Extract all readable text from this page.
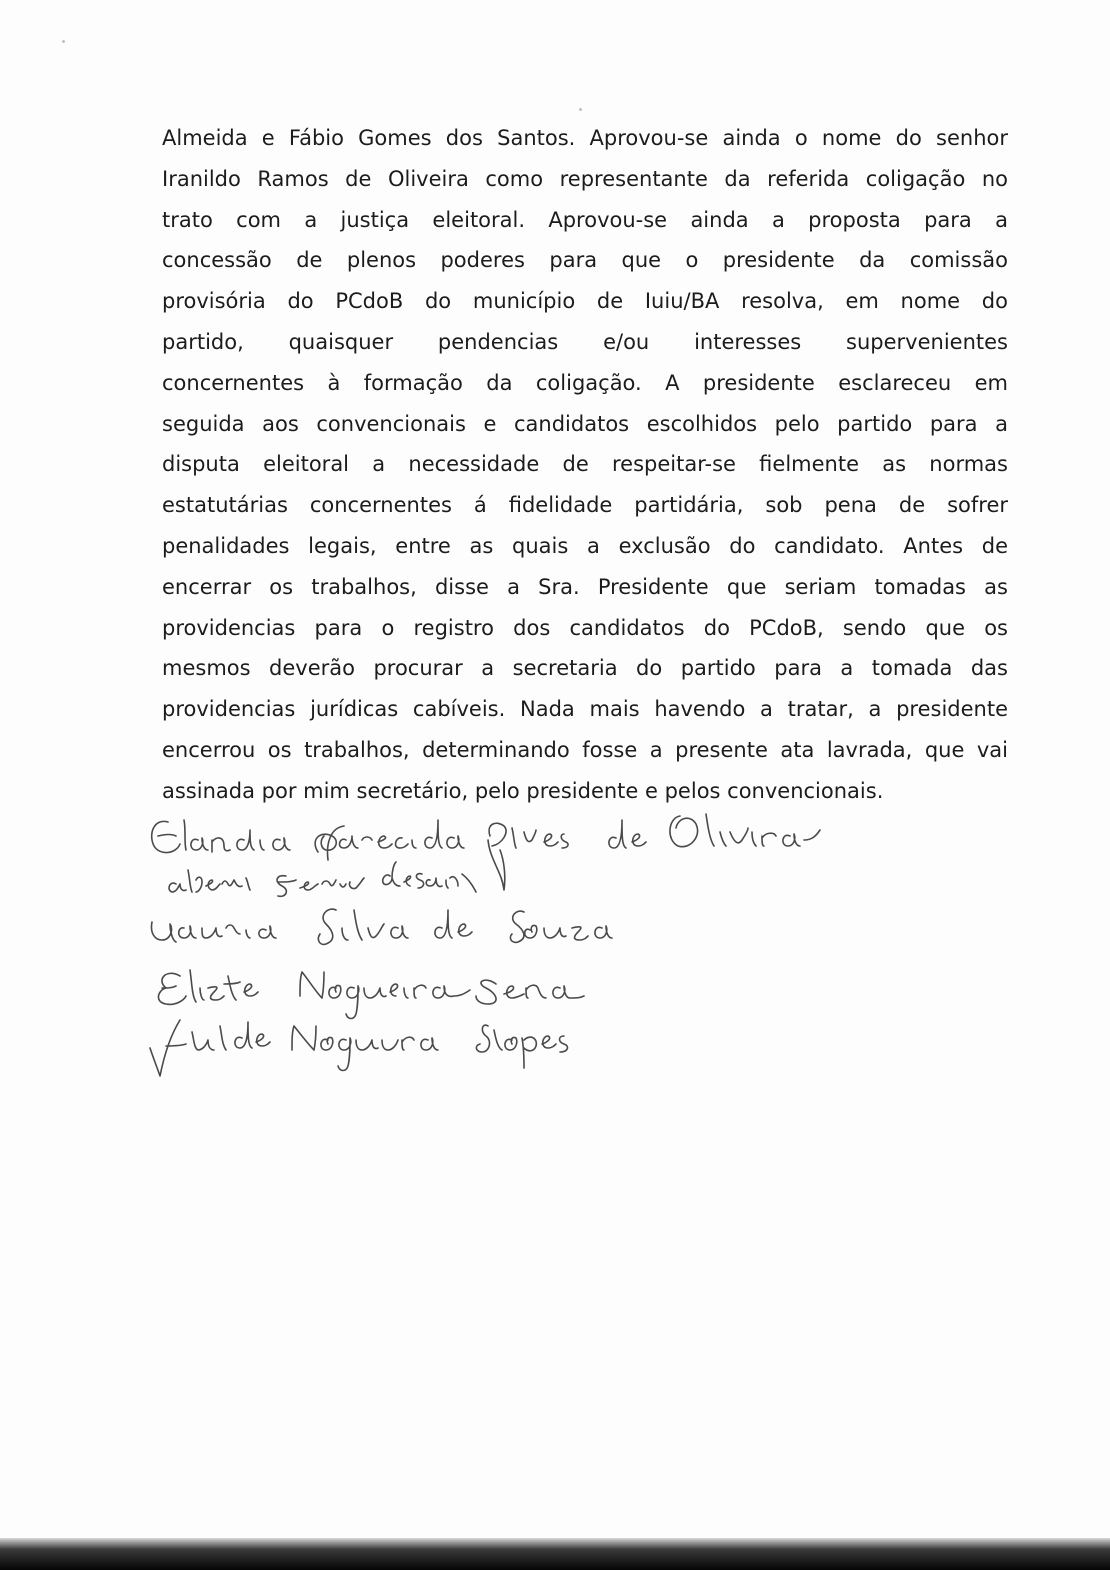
Almeida e Fábio Gomes dos Santos. Aprovou-se ainda o nome do senhor
Iranildo Ramos de Oliveira como representante da referida coligação no
trato com a justiça eleitoral. Aprovou-se ainda a proposta para a
concessão de plenos poderes para que o presidente da comissão
provisória do PCdoB do município de Iuiu/BA resolva, em nome do
partido, quaisquer pendencias e/ou interesses supervenientes
concernentes à formação da coligação. A presidente esclareceu em
seguida aos convencionais e candidatos escolhidos pelo partido para a
disputa eleitoral a necessidade de respeitar-se fielmente as normas
estatutárias concernentes á fidelidade partidária, sob pena de sofrer
penalidades legais, entre as quais a exclusão do candidato. Antes de
encerrar os trabalhos, disse a Sra. Presidente que seriam tomadas as
providencias para o registro dos candidatos do PCdoB, sendo que os
mesmos deverão procurar a secretaria do partido para a tomada das
providencias jurídicas cabíveis. Nada mais havendo a tratar, a presidente
encerrou os trabalhos, determinando fosse a presente ata lavrada, que vai
assinada por mim secretário, pelo presidente e pelos convencionais.
